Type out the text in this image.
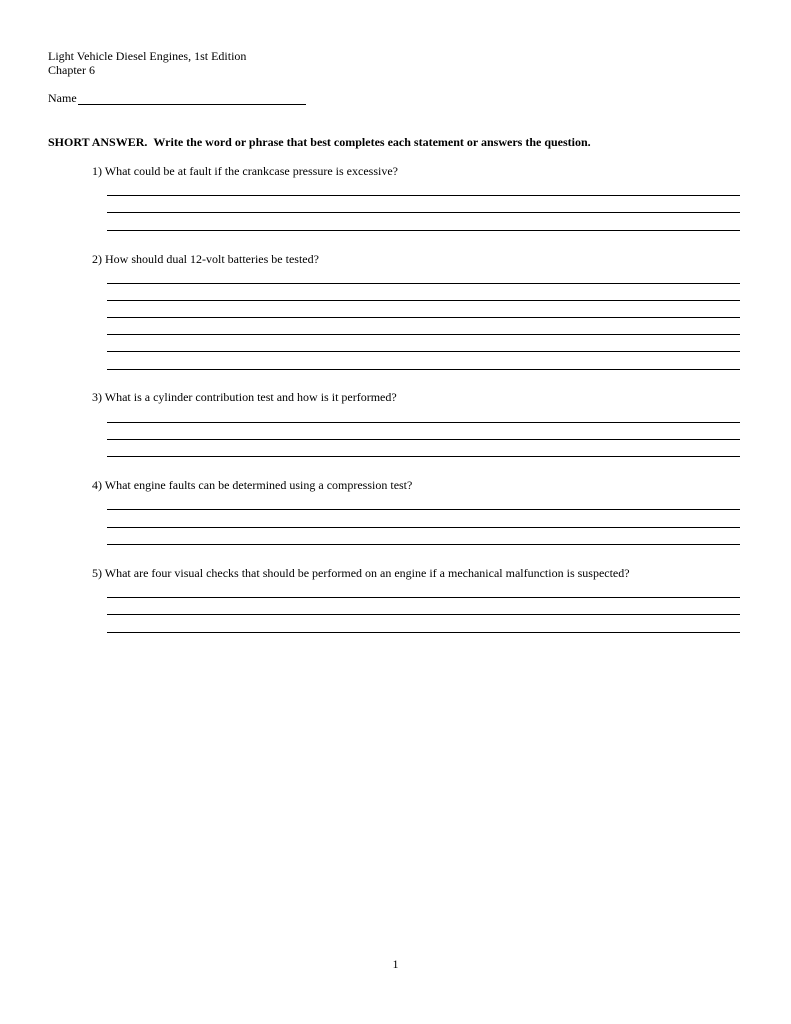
Light Vehicle Diesel Engines, 1st Edition
Chapter 6
Name
SHORT ANSWER. Write the word or phrase that best completes each statement or answers the question.
1) What could be at fault if the crankcase pressure is excessive?
2) How should dual 12-volt batteries be tested?
3) What is a cylinder contribution test and how is it performed?
4) What engine faults can be determined using a compression test?
5) What are four visual checks that should be performed on an engine if a mechanical malfunction is suspected?
1
